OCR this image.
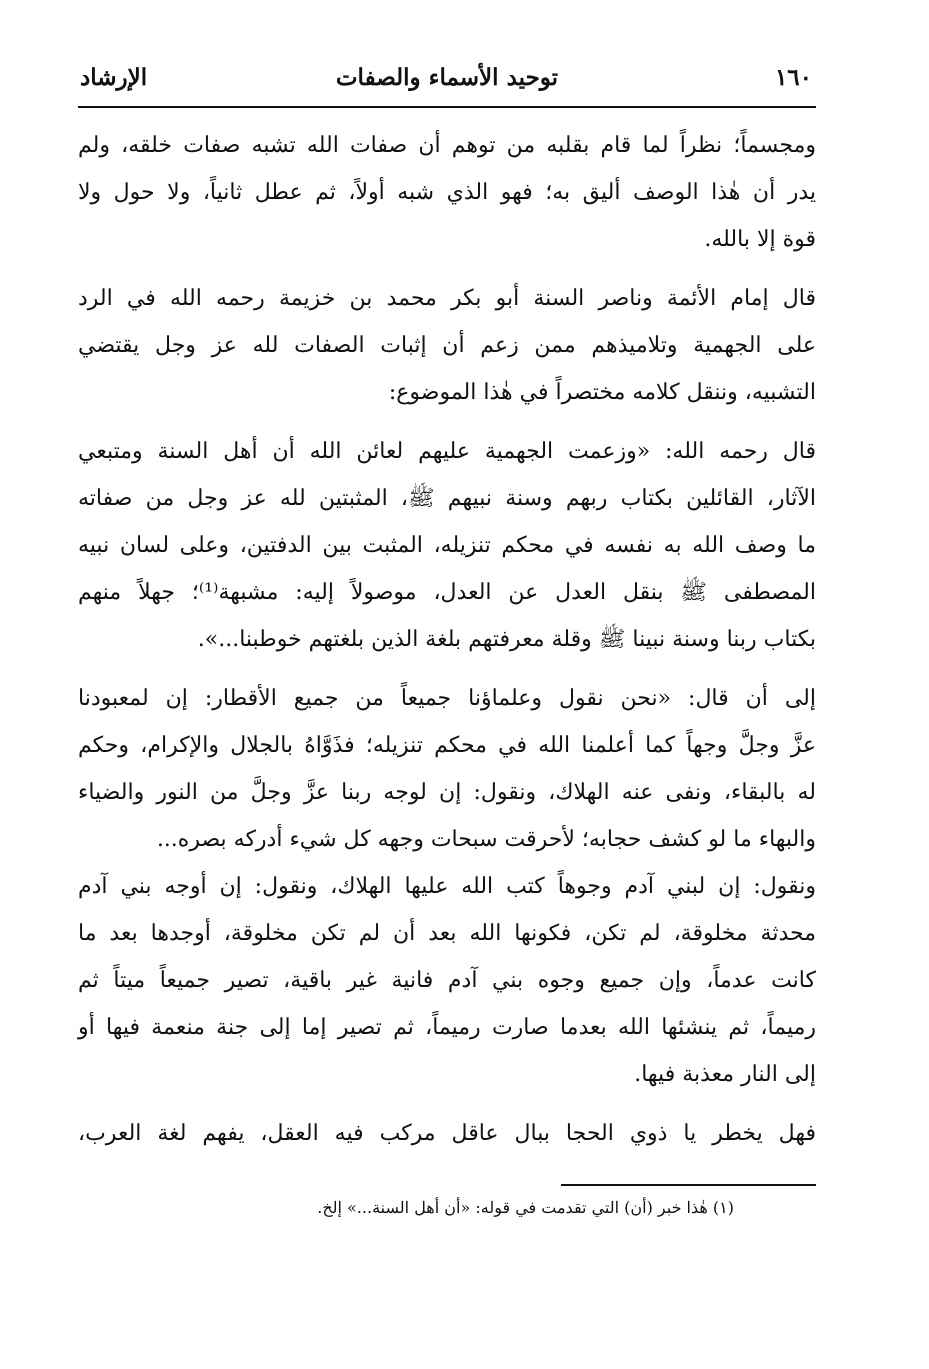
١٦٠
توحيد الأسماء والصفات
الإرشاد
ومجسماً؛ نظراً لما قام بقلبه من توهم أن صفات الله تشبه صفات خلقه، ولم
يدر أن هٰذا الوصف أليق به؛ فهو الذي شبه أولاً، ثم عطل ثانياً، ولا حول ولا
قوة إلا بالله.
قال إمام الأئمة وناصر السنة أبو بكر محمد بن خزيمة رحمه الله في الرد
على الجهمية وتلاميذهم ممن زعم أن إثبات الصفات لله عز وجل يقتضي
التشبيه، وننقل كلامه مختصراً في هٰذا الموضوع:
قال رحمه الله: «وزعمت الجهمية عليهم لعائن الله أن أهل السنة ومتبعي
الآثار، القائلين بكتاب ربهم وسنة نبيهم ﷺ، المثبتين لله عز وجل من صفاته
ما وصف الله به نفسه في محكم تنزيله، المثبت بين الدفتين، وعلى لسان نبيه
المصطفى ﷺ بنقل العدل عن العدل، موصولاً إليه: مشبهة⁽¹⁾؛ جهلاً منهم
بكتاب ربنا وسنة نبينا ﷺ وقلة معرفتهم بلغة الذين بلغتهم خوطبنا...».
إلى أن قال: «نحن نقول وعلماؤنا جميعاً من جميع الأقطار: إن لمعبودنا
عزَّ وجلَّ وجهاً كما أعلمنا الله في محكم تنزيله؛ فذَوَّاهُ بالجلال والإكرام، وحكم
له بالبقاء، ونفى عنه الهلاك، ونقول: إن لوجه ربنا عزَّ وجلَّ من النور والضياء
والبهاء ما لو كشف حجابه؛ لأحرقت سبحات وجهه كل شيء أدركه بصره...
ونقول: إن لبني آدم وجوهاً كتب الله عليها الهلاك، ونقول: إن أوجه بني آدم
محدثة مخلوقة، لم تكن، فكونها الله بعد أن لم تكن مخلوقة، أوجدها بعد ما
كانت عدماً، وإن جميع وجوه بني آدم فانية غير باقية، تصير جميعاً ميتاً ثم
رميماً، ثم ينشئها الله بعدما صارت رميماً، ثم تصير إما إلى جنة منعمة فيها أو
إلى النار معذبة فيها.
فهل يخطر يا ذوي الحجا ببال عاقل مركب فيه العقل، يفهم لغة العرب،
(١) هٰذا خبر (أن) التي تقدمت في قوله: «أن أهل السنة...» إلخ.
